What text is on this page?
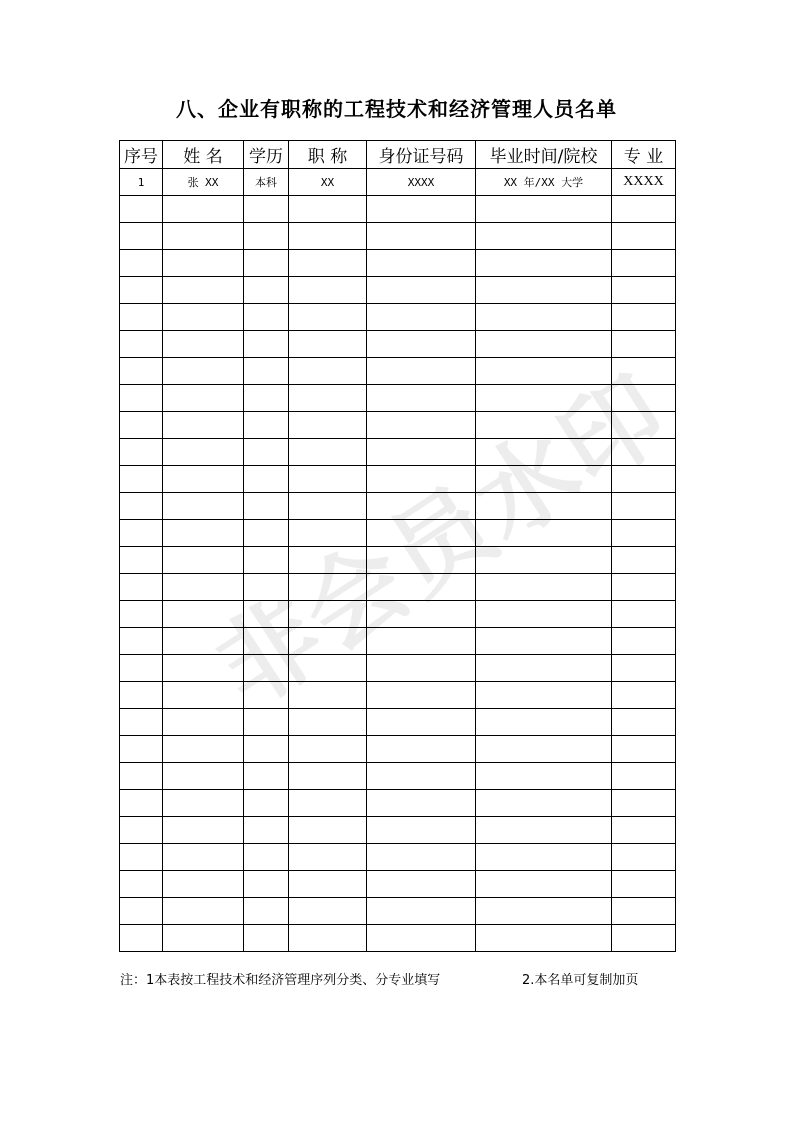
八、企业有职称的工程技术和经济管理人员名单
非会员水印
序号	姓 名	学历	职 称	身份证号码	毕业时间/院校	专 业
1	张 XX	本科	XX	XXXX	XX 年/XX 大学	XXXX

注：1本表按工程技术和经济管理序列分类、分专业填写	2.本名单可复制加页
